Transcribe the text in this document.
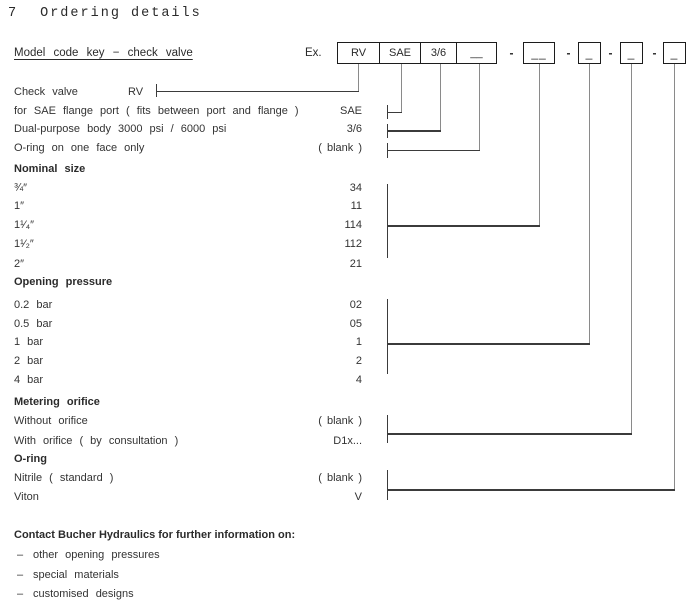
7 Ordering details
Model code key − check valve	Ex.	RV	SAE	3/6	__	-	__	-	_	-	_	-	_
Check valve	RV
for SAE flange port ( fits between port and flange )	SAE
Dual-purpose body 3000 psi / 6000 psi	3/6
O-ring on one face only	( blank )
Nominal size
¾″	34
1″	11
1¹⁄₄″	114
1¹⁄₂″	112
2″	21
Opening pressure
0.2 bar	02
0.5 bar	05
1 bar	1
2 bar	2
4 bar	4
Metering orifice
Without orifice	( blank )
With orifice ( by consultation )	D1x...
O-ring
Nitrile ( standard )	( blank )
Viton	V
Contact Bucher Hydraulics for further information on:
– other opening pressures
– special materials
– customised designs
